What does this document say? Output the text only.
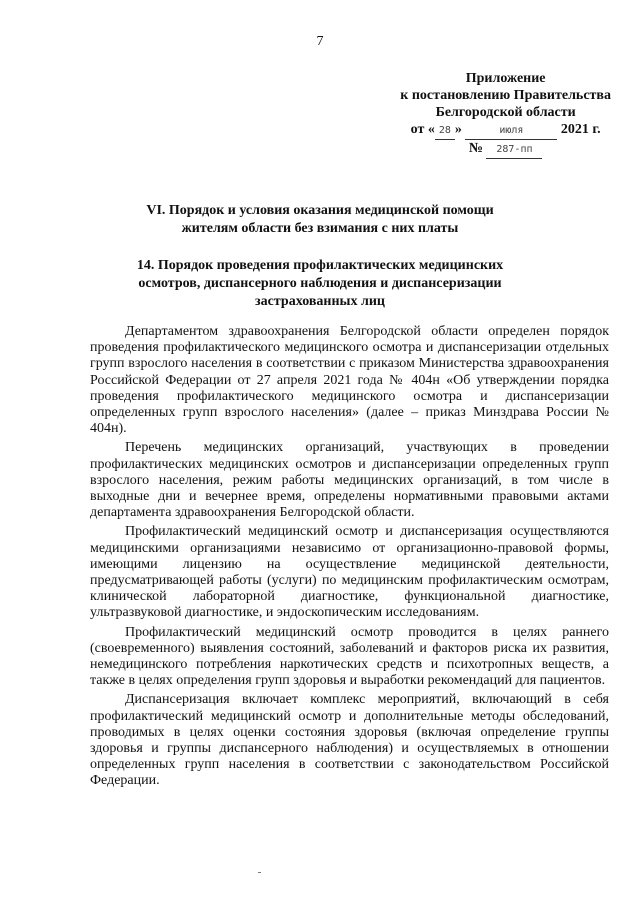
7
Приложение
к постановлению Правительства
Белгородской области
от « 28 »	июля	2021 г.
№ 287-пп
VI. Порядок и условия оказания медицинской помощи
жителям области без взимания с них платы
14. Порядок проведения профилактических медицинских
осмотров, диспансерного наблюдения и диспансеризации
застрахованных лиц

Департаментом здравоохранения Белгородской области определен порядок проведения профилактического медицинского осмотра и диспансеризации отдельных групп взрослого населения в соответствии с приказом Министерства здравоохранения Российской Федерации от 27 апреля 2021 года № 404н «Об утверждении порядка проведения профилактического медицинского осмотра и диспансеризации определенных групп взрослого населения» (далее – приказ Минздрава России № 404н).

Перечень медицинских организаций, участвующих в проведении профилактических медицинских осмотров и диспансеризации определенных групп взрослого населения, режим работы медицинских организаций, в том числе в выходные дни и вечернее время, определены нормативными правовыми актами департамента здравоохранения Белгородской области.

Профилактический медицинский осмотр и диспансеризация осуществляются медицинскими организациями независимо от организационно-правовой формы, имеющими лицензию на осуществление медицинской деятельности, предусматривающей работы (услуги) по медицинским профилактическим осмотрам, клинической лабораторной диагностике, функциональной диагностике, ультразвуковой диагностике, и эндоскопическим исследованиям.

Профилактический медицинский осмотр проводится в целях раннего (своевременного) выявления состояний, заболеваний и факторов риска их развития, немедицинского потребления наркотических средств и психотропных веществ, а также в целях определения групп здоровья и выработки рекомендаций для пациентов.

Диспансеризация включает комплекс мероприятий, включающий в себя профилактический медицинский осмотр и дополнительные методы обследований, проводимых в целях оценки состояния здоровья (включая определение группы здоровья и группы диспансерного наблюдения) и осуществляемых в отношении определенных групп населения в соответствии с законодательством Российской Федерации.
